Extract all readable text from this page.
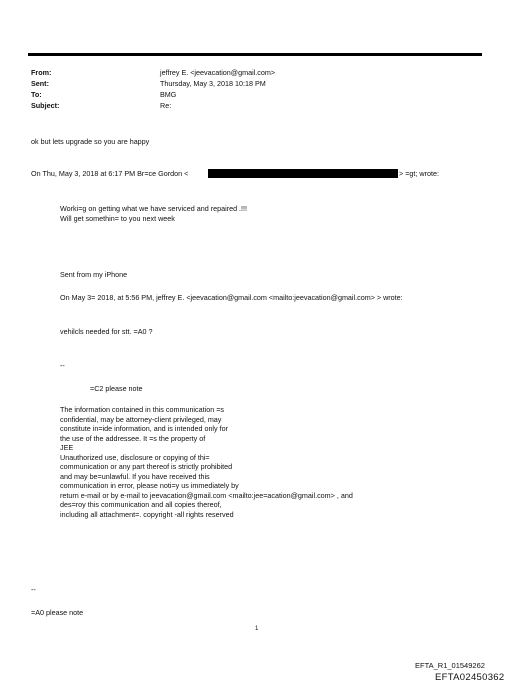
From:	jeffrey E. <jeevacation@gmail.com>
Sent:	Thursday, May 3, 2018 10:18 PM
To:	BMG
Subject:	Re:
ok but lets upgrade so you are happy
On Thu, May 3, 2018 at 6:17 PM Br=ce Gordon <	> =gt; wrote:
Worki=g on getting what we have serviced and repaired .!!!
Will get somethin= to you next week
Sent from my iPhone
On May 3= 2018, at 5:56 PM, jeffrey E. <jeevacation@gmail.com <mailto:jeevacation@gmail.com> > wrote:
vehilcls needed for stt. =A0 ?
--
=C2 please note
The information contained in this communication =s
confidential, may be attorney-client privileged, may
constitute in=ide information, and is intended only for
the use of the addressee. It =s the property of
JEE
Unauthorized use, disclosure or copying of thi=
communication or any part thereof is strictly prohibited
and may be=unlawful. If you have received this
communication in error, please noti=y us immediately by
return e-mail or by e-mail to jeevacation@gmail.com <mailto:jee=acation@gmail.com> , and
des=roy this communication and all copies thereof,
including all attachment=. copyright -all rights reserved
--
=A0 please note
1
EFTA_R1_01549262
EFTA02450362
